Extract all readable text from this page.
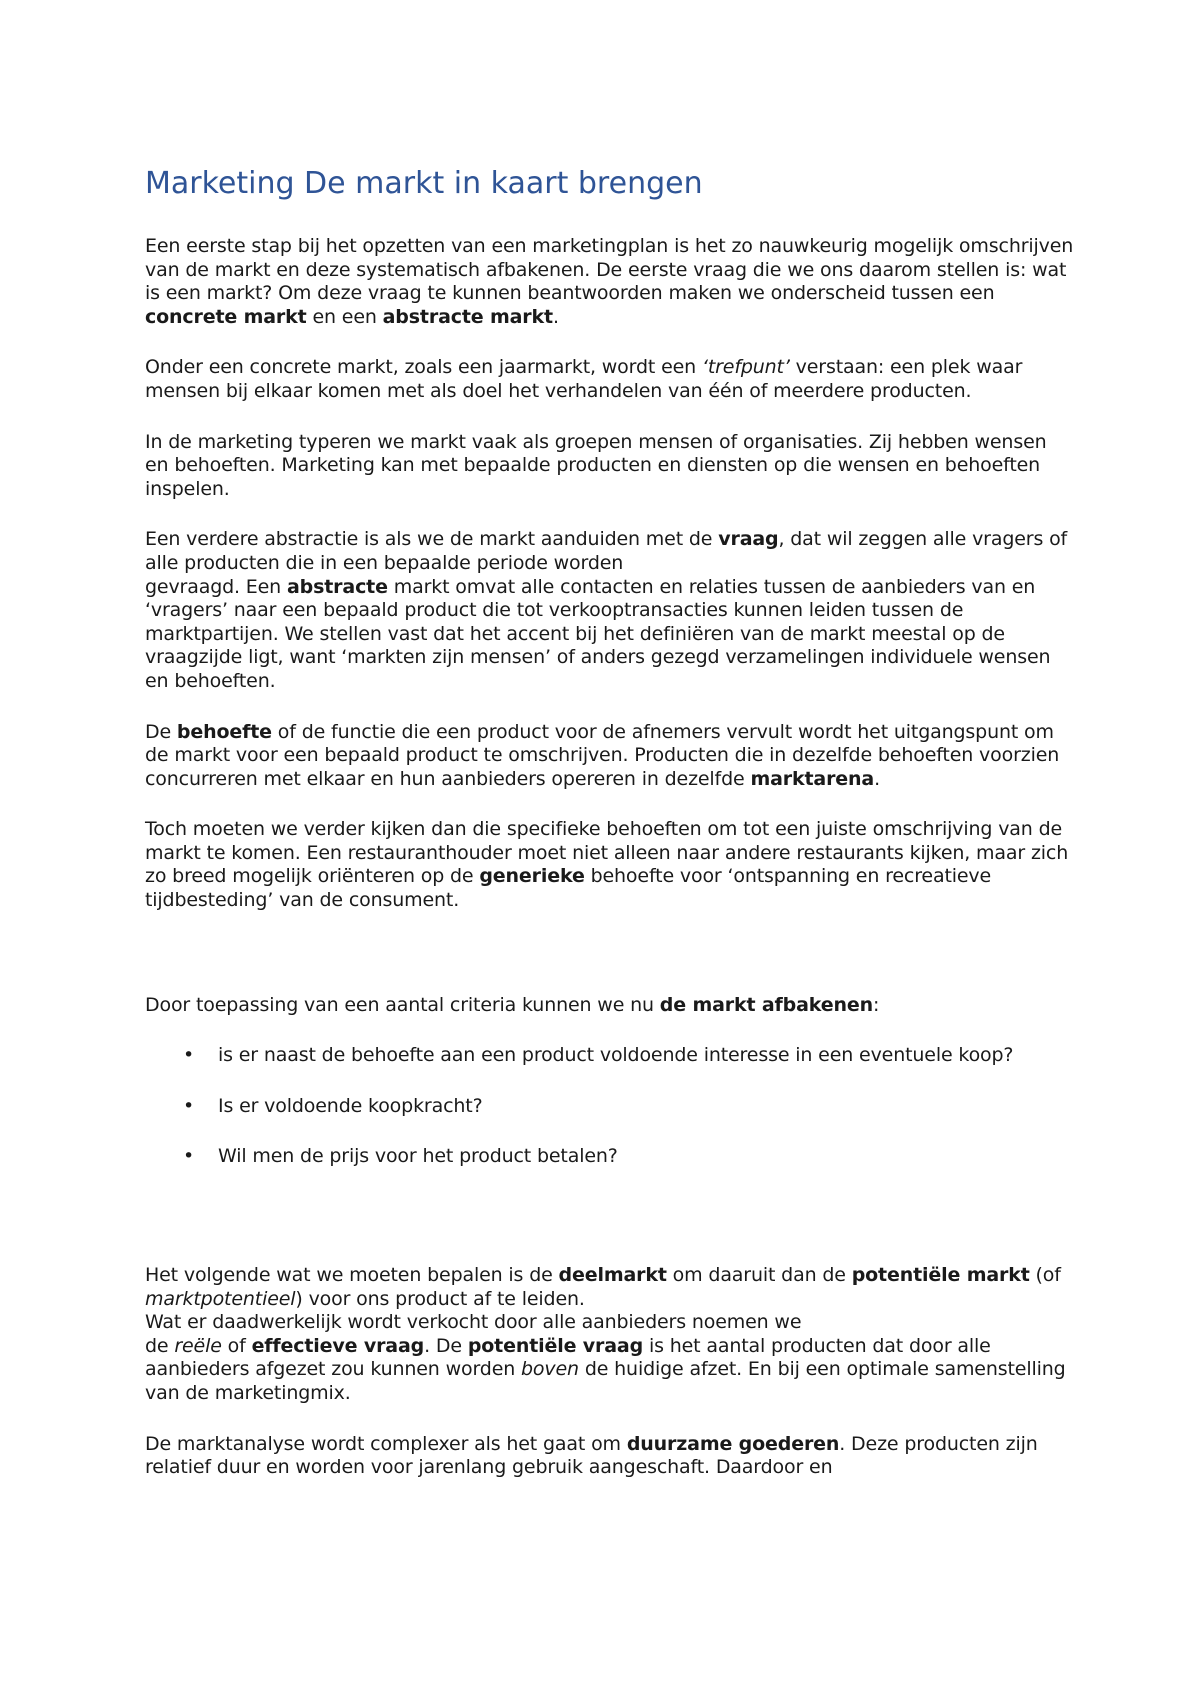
Marketing De markt in kaart brengen

Een eerste stap bij het opzetten van een marketingplan is het zo nauwkeurig mogelijk omschrijven van de markt en deze systematisch afbakenen. De eerste vraag die we ons daarom stellen is: wat is een markt? Om deze vraag te kunnen beantwoorden maken we onderscheid tussen een concrete markt en een abstracte markt.

Onder een concrete markt, zoals een jaarmarkt, wordt een ‘trefpunt’ verstaan: een plek waar mensen bij elkaar komen met als doel het verhandelen van één of meerdere producten.

In de marketing typeren we markt vaak als groepen mensen of organisaties. Zij hebben wensen en behoeften. Marketing kan met bepaalde producten en diensten op die wensen en behoeften inspelen.

Een verdere abstractie is als we de markt aanduiden met de vraag, dat wil zeggen alle vragers of alle producten die in een bepaalde periode worden
gevraagd. Een abstracte markt omvat alle contacten en relaties tussen de aanbieders van en ‘vragers’ naar een bepaald product die tot verkooptransacties kunnen leiden tussen de marktpartijen. We stellen vast dat het accent bij het definiëren van de markt meestal op de vraagzijde ligt, want ‘markten zijn mensen’ of anders gezegd verzamelingen individuele wensen en behoeften.

De behoefte of de functie die een product voor de afnemers vervult wordt het uitgangspunt om de markt voor een bepaald product te omschrijven. Producten die in dezelfde behoeften voorzien concurreren met elkaar en hun aanbieders opereren in dezelfde marktarena.

Toch moeten we verder kijken dan die specifieke behoeften om tot een juiste omschrijving van de markt te komen. Een restauranthouder moet niet alleen naar andere restaurants kijken, maar zich zo breed mogelijk oriënteren op de generieke behoefte voor ‘ontspanning en recreatieve tijdbesteding’ van de consument.

Door toepassing van een aantal criteria kunnen we nu de markt afbakenen:

• is er naast de behoefte aan een product voldoende interesse in een eventuele koop?
• Is er voldoende koopkracht?
• Wil men de prijs voor het product betalen?

Het volgende wat we moeten bepalen is de deelmarkt om daaruit dan de potentiële markt (of marktpotentieel) voor ons product af te leiden.
Wat er daadwerkelijk wordt verkocht door alle aanbieders noemen we
de reële of effectieve vraag. De potentiële vraag is het aantal producten dat door alle aanbieders afgezet zou kunnen worden boven de huidige afzet. En bij een optimale samenstelling van de marketingmix.

De marktanalyse wordt complexer als het gaat om duurzame goederen. Deze producten zijn relatief duur en worden voor jarenlang gebruik aangeschaft. Daardoor en
